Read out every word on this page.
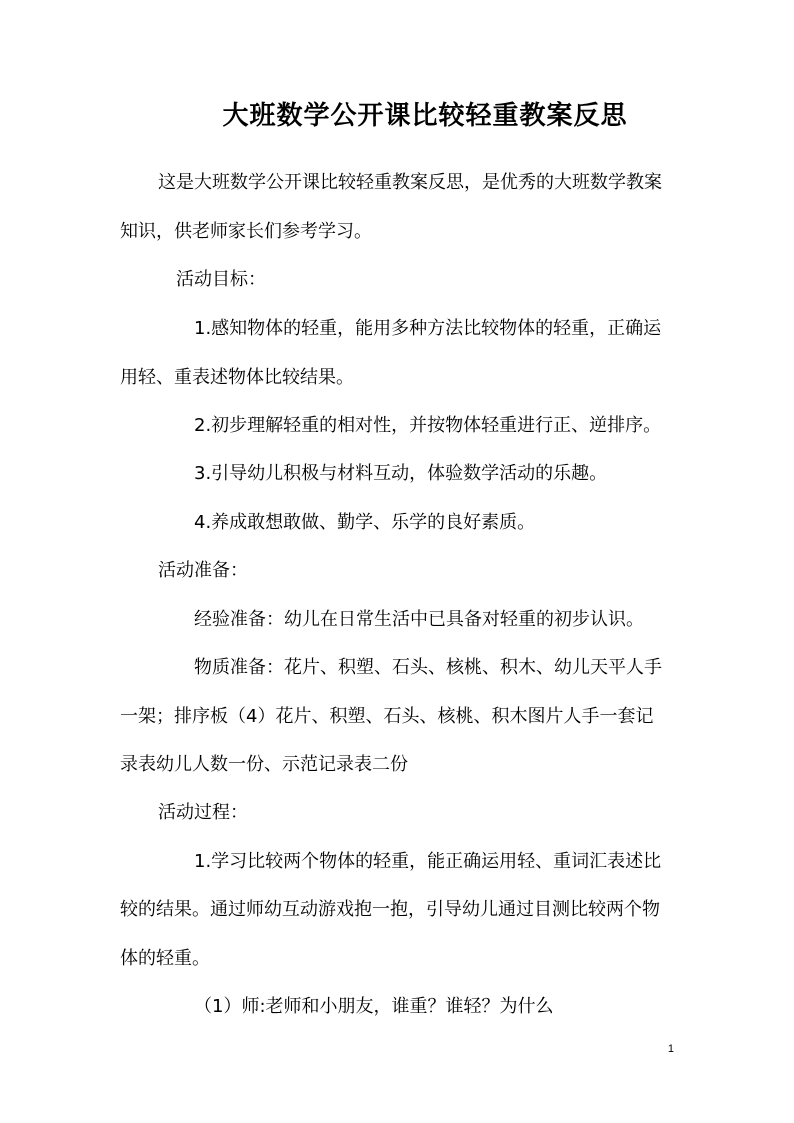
大班数学公开课比较轻重教案反思
这是大班数学公开课比较轻重教案反思，是优秀的大班数学教案
知识，供老师家长们参考学习。
活动目标：
1.感知物体的轻重，能用多种方法比较物体的轻重，正确运
用轻、重表述物体比较结果。
2.初步理解轻重的相对性，并按物体轻重进行正、逆排序。
3.引导幼儿积极与材料互动，体验数学活动的乐趣。
4.养成敢想敢做、勤学、乐学的良好素质。
活动准备：
经验准备：幼儿在日常生活中已具备对轻重的初步认识。
物质准备：花片、积塑、石头、核桃、积木、幼儿天平人手
一架；排序板（4）花片、积塑、石头、核桃、积木图片人手一套记
录表幼儿人数一份、示范记录表二份
活动过程：
1.学习比较两个物体的轻重，能正确运用轻、重词汇表述比
较的结果。通过师幼互动游戏抱一抱，引导幼儿通过目测比较两个物
体的轻重。
（1）师:老师和小朋友，谁重？谁轻？为什么
1
